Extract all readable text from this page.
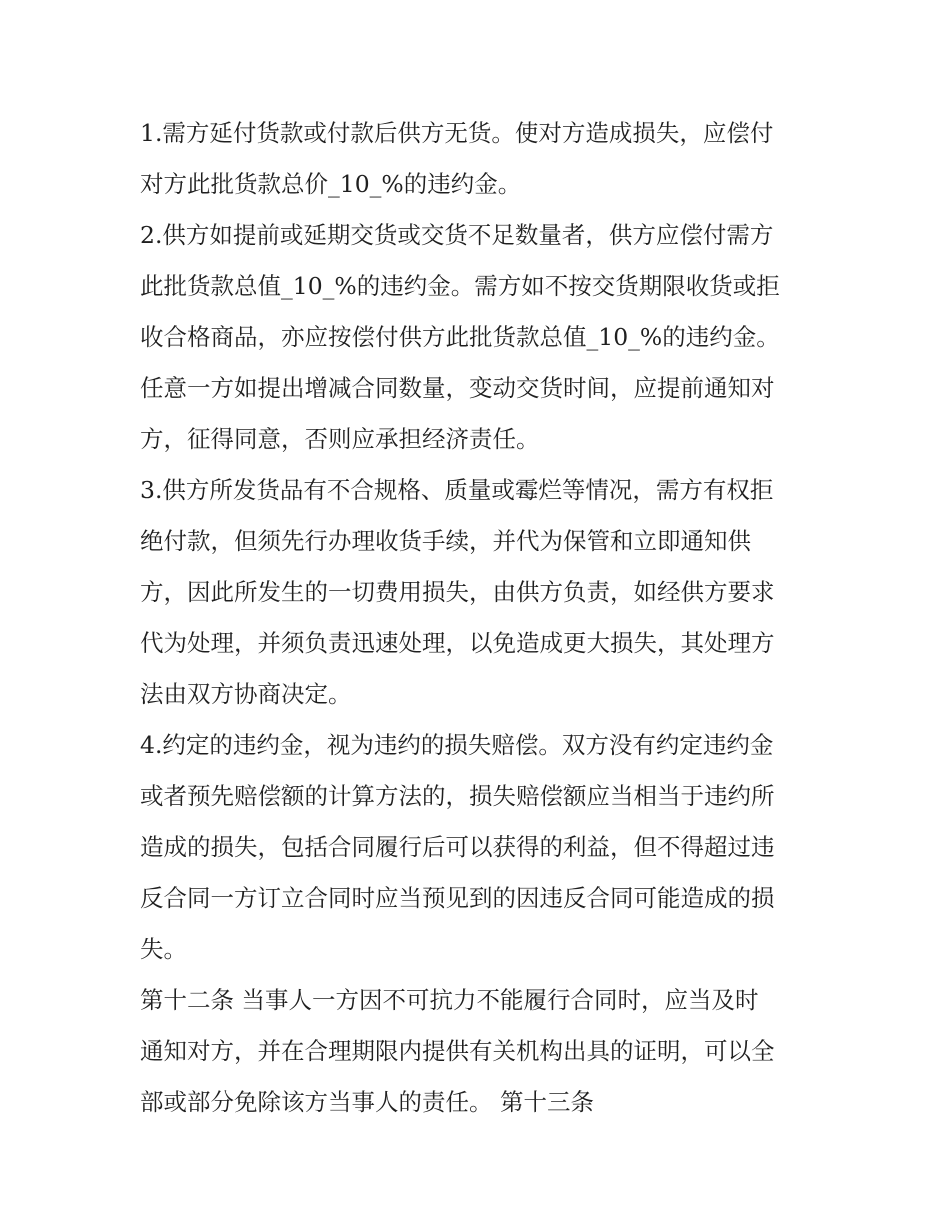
1.需方延付货款或付款后供方无货。使对方造成损失，应偿付
对方此批货款总价_10_%的违约金。
2.供方如提前或延期交货或交货不足数量者，供方应偿付需方
此批货款总值_10_%的违约金。需方如不按交货期限收货或拒
收合格商品，亦应按偿付供方此批货款总值_10_%的违约金。
任意一方如提出增减合同数量，变动交货时间，应提前通知对
方，征得同意，否则应承担经济责任。
3.供方所发货品有不合规格、质量或霉烂等情况，需方有权拒
绝付款，但须先行办理收货手续，并代为保管和立即通知供
方，因此所发生的一切费用损失，由供方负责，如经供方要求
代为处理，并须负责迅速处理，以免造成更大损失，其处理方
法由双方协商决定。
4.约定的违约金，视为违约的损失赔偿。双方没有约定违约金
或者预先赔偿额的计算方法的，损失赔偿额应当相当于违约所
造成的损失，包括合同履行后可以获得的利益，但不得超过违
反合同一方订立合同时应当预见到的因违反合同可能造成的损
失。
第十二条 当事人一方因不可抗力不能履行合同时，应当及时
通知对方，并在合理期限内提供有关机构出具的证明，可以全
部或部分免除该方当事人的责任。 第十三条
